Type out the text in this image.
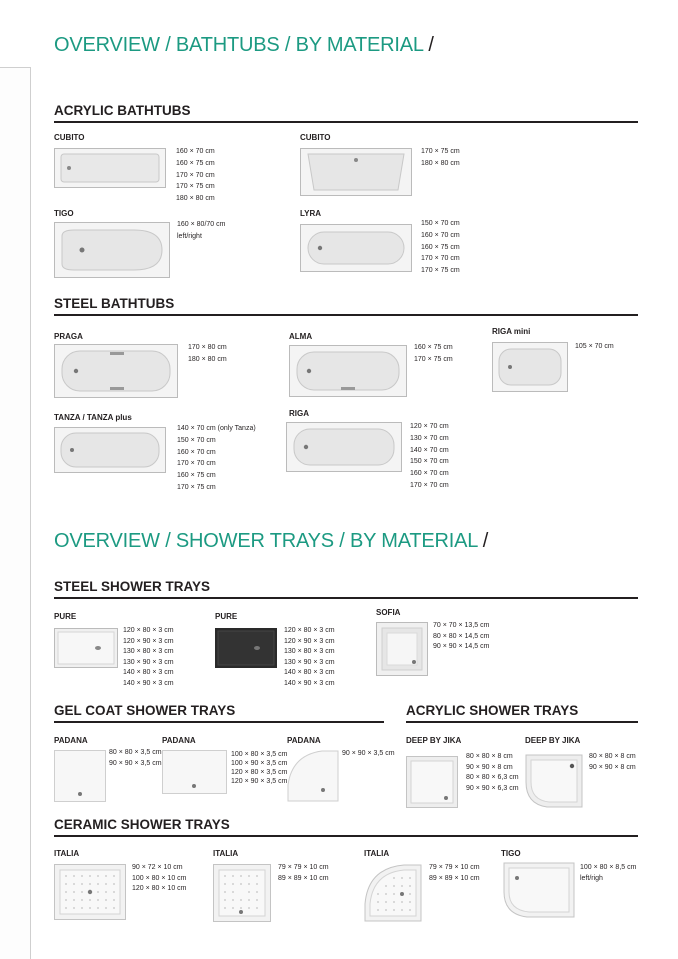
OVERVIEW / BATHTUBS / BY MATERIAL /
ACRYLIC BATHTUBS
CUBITO
160 × 70 cm
160 × 75 cm
170 × 70 cm
170 × 75 cm
180 × 80 cm
CUBITO
170 × 75 cm
180 × 80 cm
TIGO
160 × 80/70 cm
left/right
LYRA
150 × 70 cm
160 × 70 cm
160 × 75 cm
170 × 70 cm
170 × 75 cm
STEEL BATHTUBS
PRAGA
170 × 80 cm
180 × 80 cm
ALMA
160 × 75 cm
170 × 75 cm
RIGA mini
105 × 70 cm
TANZA / TANZA plus
140 × 70 cm (only Tanza)
150 × 70 cm
160 × 70 cm
170 × 70 cm
160 × 75 cm
170 × 75 cm
RIGA
120 × 70 cm
130 × 70 cm
140 × 70 cm
150 × 70 cm
160 × 70 cm
170 × 70 cm
OVERVIEW / SHOWER TRAYS / BY MATERIAL /
STEEL SHOWER TRAYS
PURE
120 × 80 × 3 cm
120 × 90 × 3 cm
130 × 80 × 3 cm
130 × 90 × 3 cm
140 × 80 × 3 cm
140 × 90 × 3 cm
PURE
120 × 80 × 3 cm
120 × 90 × 3 cm
130 × 80 × 3 cm
130 × 90 × 3 cm
140 × 80 × 3 cm
140 × 90 × 3 cm
SOFIA
70 × 70 × 13,5 cm
80 × 80 × 14,5 cm
90 × 90 × 14,5 cm
GEL COAT SHOWER TRAYS
PADANA
80 × 80 × 3,5 cm
90 × 90 × 3,5 cm
PADANA
100 × 80 × 3,5 cm
100 × 90 × 3,5 cm
120 × 80 × 3,5 cm
120 × 90 × 3,5 cm
PADANA
90 × 90 × 3,5 cm
ACRYLIC SHOWER TRAYS
DEEP BY JIKA
80 × 80 × 8 cm
90 × 90 × 8 cm
80 × 80 × 6,3 cm
90 × 90 × 6,3 cm
DEEP BY JIKA
80 × 80 × 8 cm
90 × 90 × 8 cm
CERAMIC SHOWER TRAYS
ITALIA
90 × 72 × 10 cm
100 × 80 × 10 cm
120 × 80 × 10 cm
ITALIA
79 × 79 × 10 cm
89 × 89 × 10 cm
ITALIA
79 × 79 × 10 cm
89 × 89 × 10 cm
TIGO
100 × 80 × 8,5 cm
left/righ
